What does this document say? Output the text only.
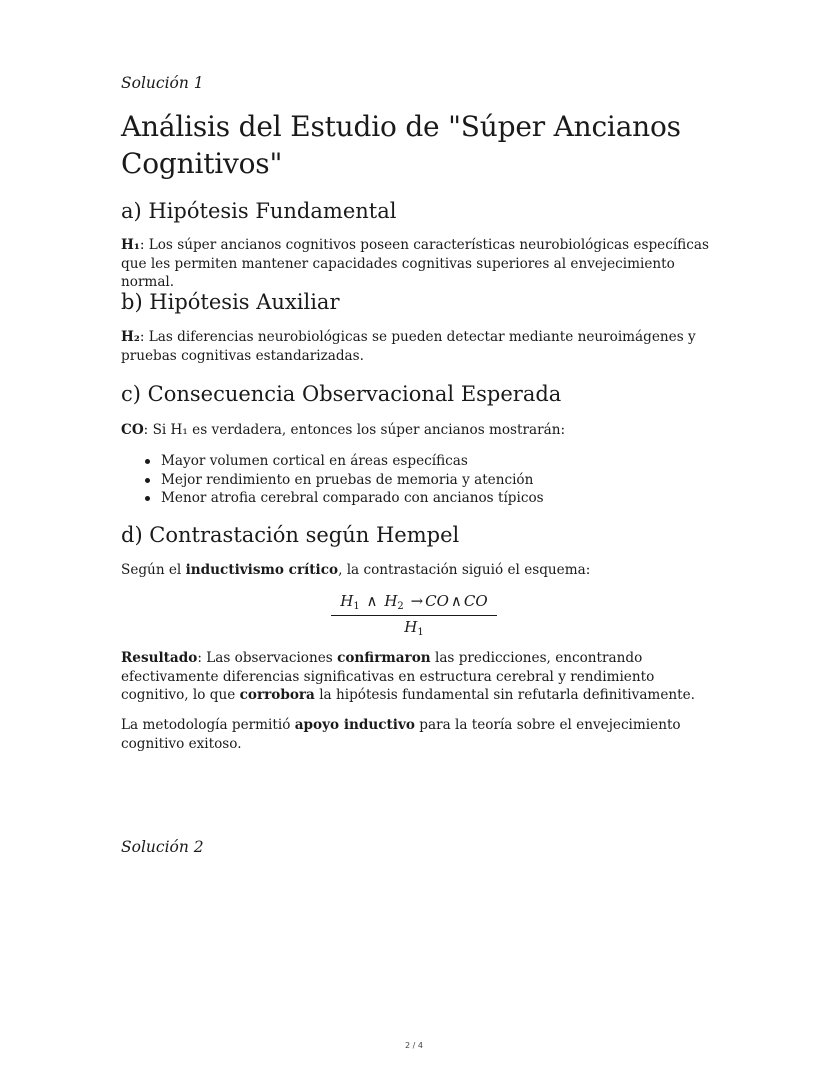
Solución 1
Análisis del Estudio de "Súper Ancianos Cognitivos"
a) Hipótesis Fundamental

H₁: Los súper ancianos cognitivos poseen características neurobiológicas específicas que les permiten mantener capacidades cognitivas superiores al envejecimiento normal.

b) Hipótesis Auxiliar

H₂: Las diferencias neurobiológicas se pueden detectar mediante neuroimágenes y pruebas cognitivas estandarizadas.

c) Consecuencia Observacional Esperada

CO: Si H₁ es verdadera, entonces los súper ancianos mostrarán:

Mayor volumen cortical en áreas específicas
Mejor rendimiento en pruebas de memoria y atención
Menor atrofia cerebral comparado con ancianos típicos
d) Contrastación según Hempel

Según el inductivismo crítico, la contrastación siguió el esquema:

$\frac{H_1 \wedge H_2 \to CO \wedge CO}{H_1}$

Resultado: Las observaciones confirmaron las predicciones, encontrando efectivamente diferencias significativas en estructura cerebral y rendimiento cognitivo, lo que corrobora la hipótesis fundamental sin refutarla definitivamente.

La metodología permitió apoyo inductivo para la teoría sobre el envejecimiento cognitivo exitoso.

Solución 2
2 / 4
